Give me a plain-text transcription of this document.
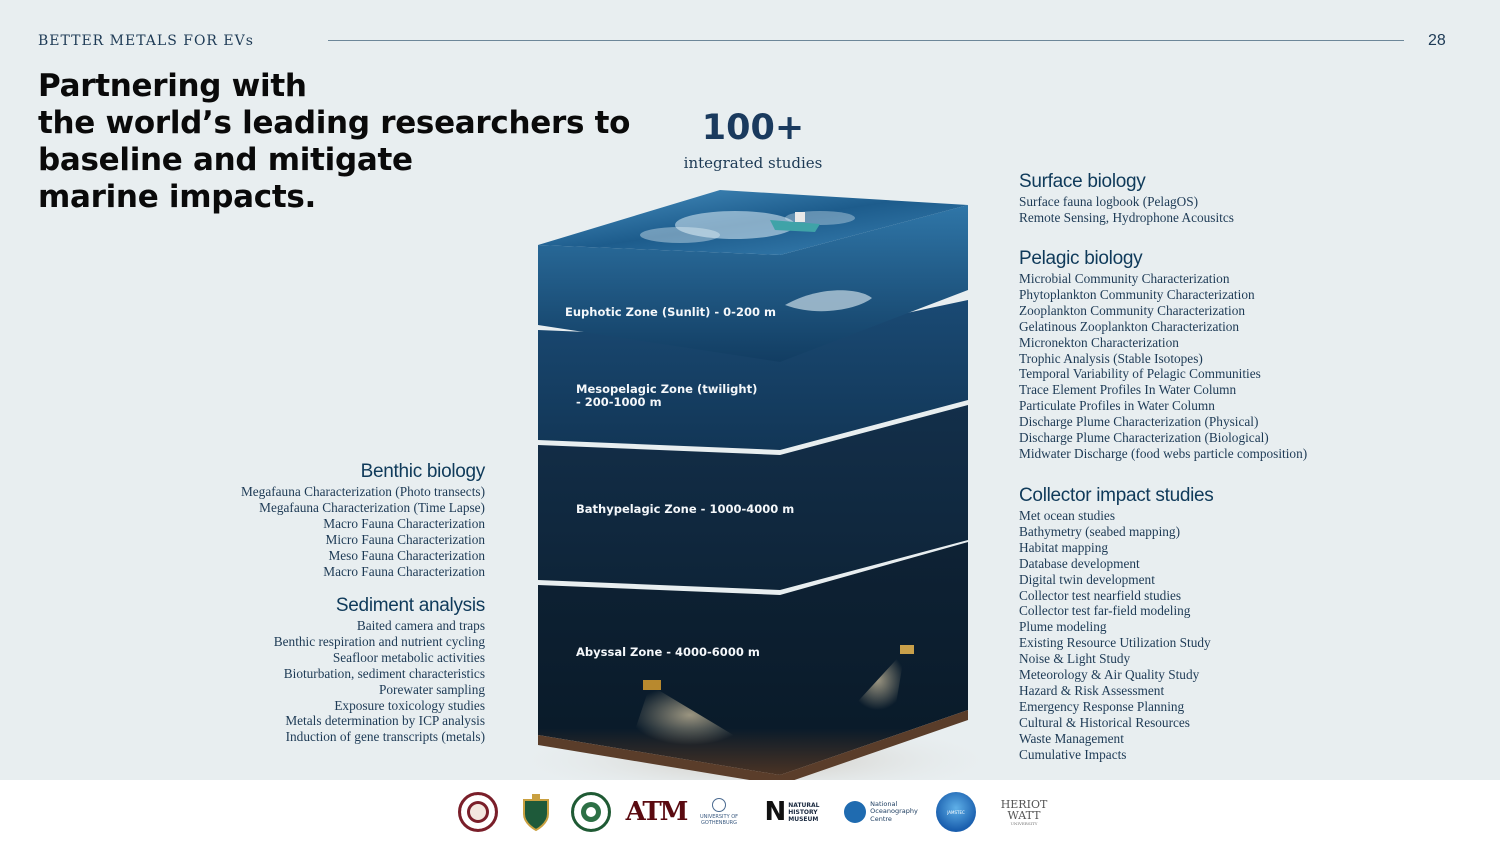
BETTER METALS FOR EVs	28
Partnering with
the world’s leading researchers to
baseline and mitigate
marine impacts.
100+
integrated studies
Euphotic Zone (Sunlit) - 0-200 m
Mesopelagic Zone (twilight)
- 200-1000 m
Bathypelagic Zone - 1000-4000 m
Abyssal Zone - 4000-6000 m
Surface biology
Surface fauna logbook (PelagOS)
Remote Sensing, Hydrophone Acousitcs
Pelagic biology
Microbial Community Characterization
Phytoplankton Community Characterization
Zooplankton Community Characterization
Gelatinous Zooplankton Characterization
Micronekton Characterization
Trophic Analysis (Stable Isotopes)
Temporal Variability of Pelagic Communities
Trace Element Profiles In Water Column
Particulate Profiles in Water Column
Discharge Plume Characterization (Physical)
Discharge Plume Characterization (Biological)
Midwater Discharge (food webs particle composition)
Collector impact studies
Met ocean studies
Bathymetry (seabed mapping)
Habitat mapping
Database development
Digital twin development
Collector test nearfield studies
Collector test far-field modeling
Plume modeling
Existing Resource Utilization Study
Noise & Light Study
Meteorology & Air Quality Study
Hazard & Risk Assessment
Emergency Response Planning
Cultural & Historical Resources
Waste Management
Cumulative Impacts
Benthic biology
Megafauna Characterization (Photo transects)
Megafauna Characterization (Time Lapse)
Macro Fauna Characterization
Micro Fauna Characterization
Meso Fauna Characterization
Macro Fauna Characterization
Sediment analysis
Baited camera and traps
Benthic respiration and nutrient cycling
Seafloor metabolic activities
Bioturbation, sediment characteristics
Porewater sampling
Exposure toxicology studies
Metals determination by ICP analysis
Induction of gene transcripts (metals)
ATM	UNIVERSITY OF
GOTHENBURG N NATURAL
HISTORY
MUSEUM
National
Oceanography
Centre
JAMSTEC
HERIOT
WATT
UNIVERSITY
